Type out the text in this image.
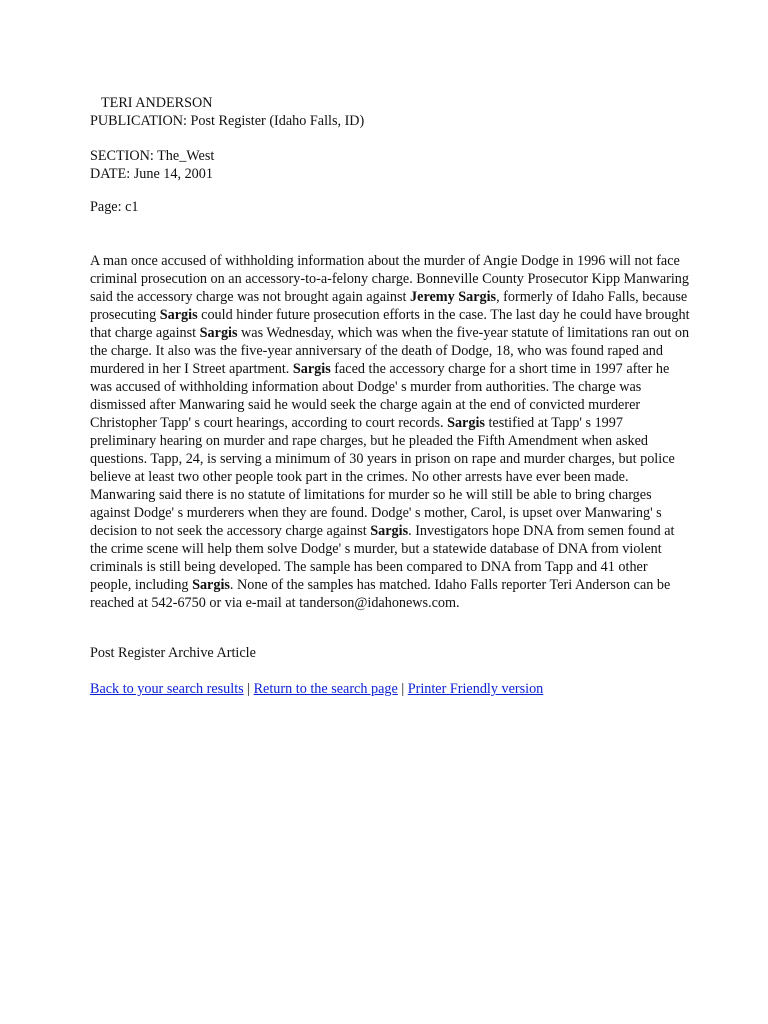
TERI ANDERSON
PUBLICATION: Post Register (Idaho Falls, ID)
SECTION: The_West
DATE: June 14, 2001
Page: c1
A man once accused of withholding information about the murder of Angie Dodge in 1996 will not face criminal prosecution on an accessory-to-a-felony charge. Bonneville County Prosecutor Kipp Manwaring said the accessory charge was not brought again against Jeremy Sargis, formerly of Idaho Falls, because prosecuting Sargis could hinder future prosecution efforts in the case. The last day he could have brought that charge against Sargis was Wednesday, which was when the five-year statute of limitations ran out on the charge. It also was the five-year anniversary of the death of Dodge, 18, who was found raped and murdered in her I Street apartment. Sargis faced the accessory charge for a short time in 1997 after he was accused of withholding information about Dodge' s murder from authorities. The charge was dismissed after Manwaring said he would seek the charge again at the end of convicted murderer Christopher Tapp' s court hearings, according to court records. Sargis testified at Tapp' s 1997 preliminary hearing on murder and rape charges, but he pleaded the Fifth Amendment when asked questions. Tapp, 24, is serving a minimum of 30 years in prison on rape and murder charges, but police believe at least two other people took part in the crimes. No other arrests have ever been made. Manwaring said there is no statute of limitations for murder so he will still be able to bring charges against Dodge' s murderers when they are found. Dodge' s mother, Carol, is upset over Manwaring' s decision to not seek the accessory charge against Sargis. Investigators hope DNA from semen found at the crime scene will help them solve Dodge' s murder, but a statewide database of DNA from violent criminals is still being developed. The sample has been compared to DNA from Tapp and 41 other people, including Sargis. None of the samples has matched. Idaho Falls reporter Teri Anderson can be reached at 542-6750 or via e-mail at tanderson@idahonews.com.
Post Register Archive Article
Back to your search results | Return to the search page | Printer Friendly version
